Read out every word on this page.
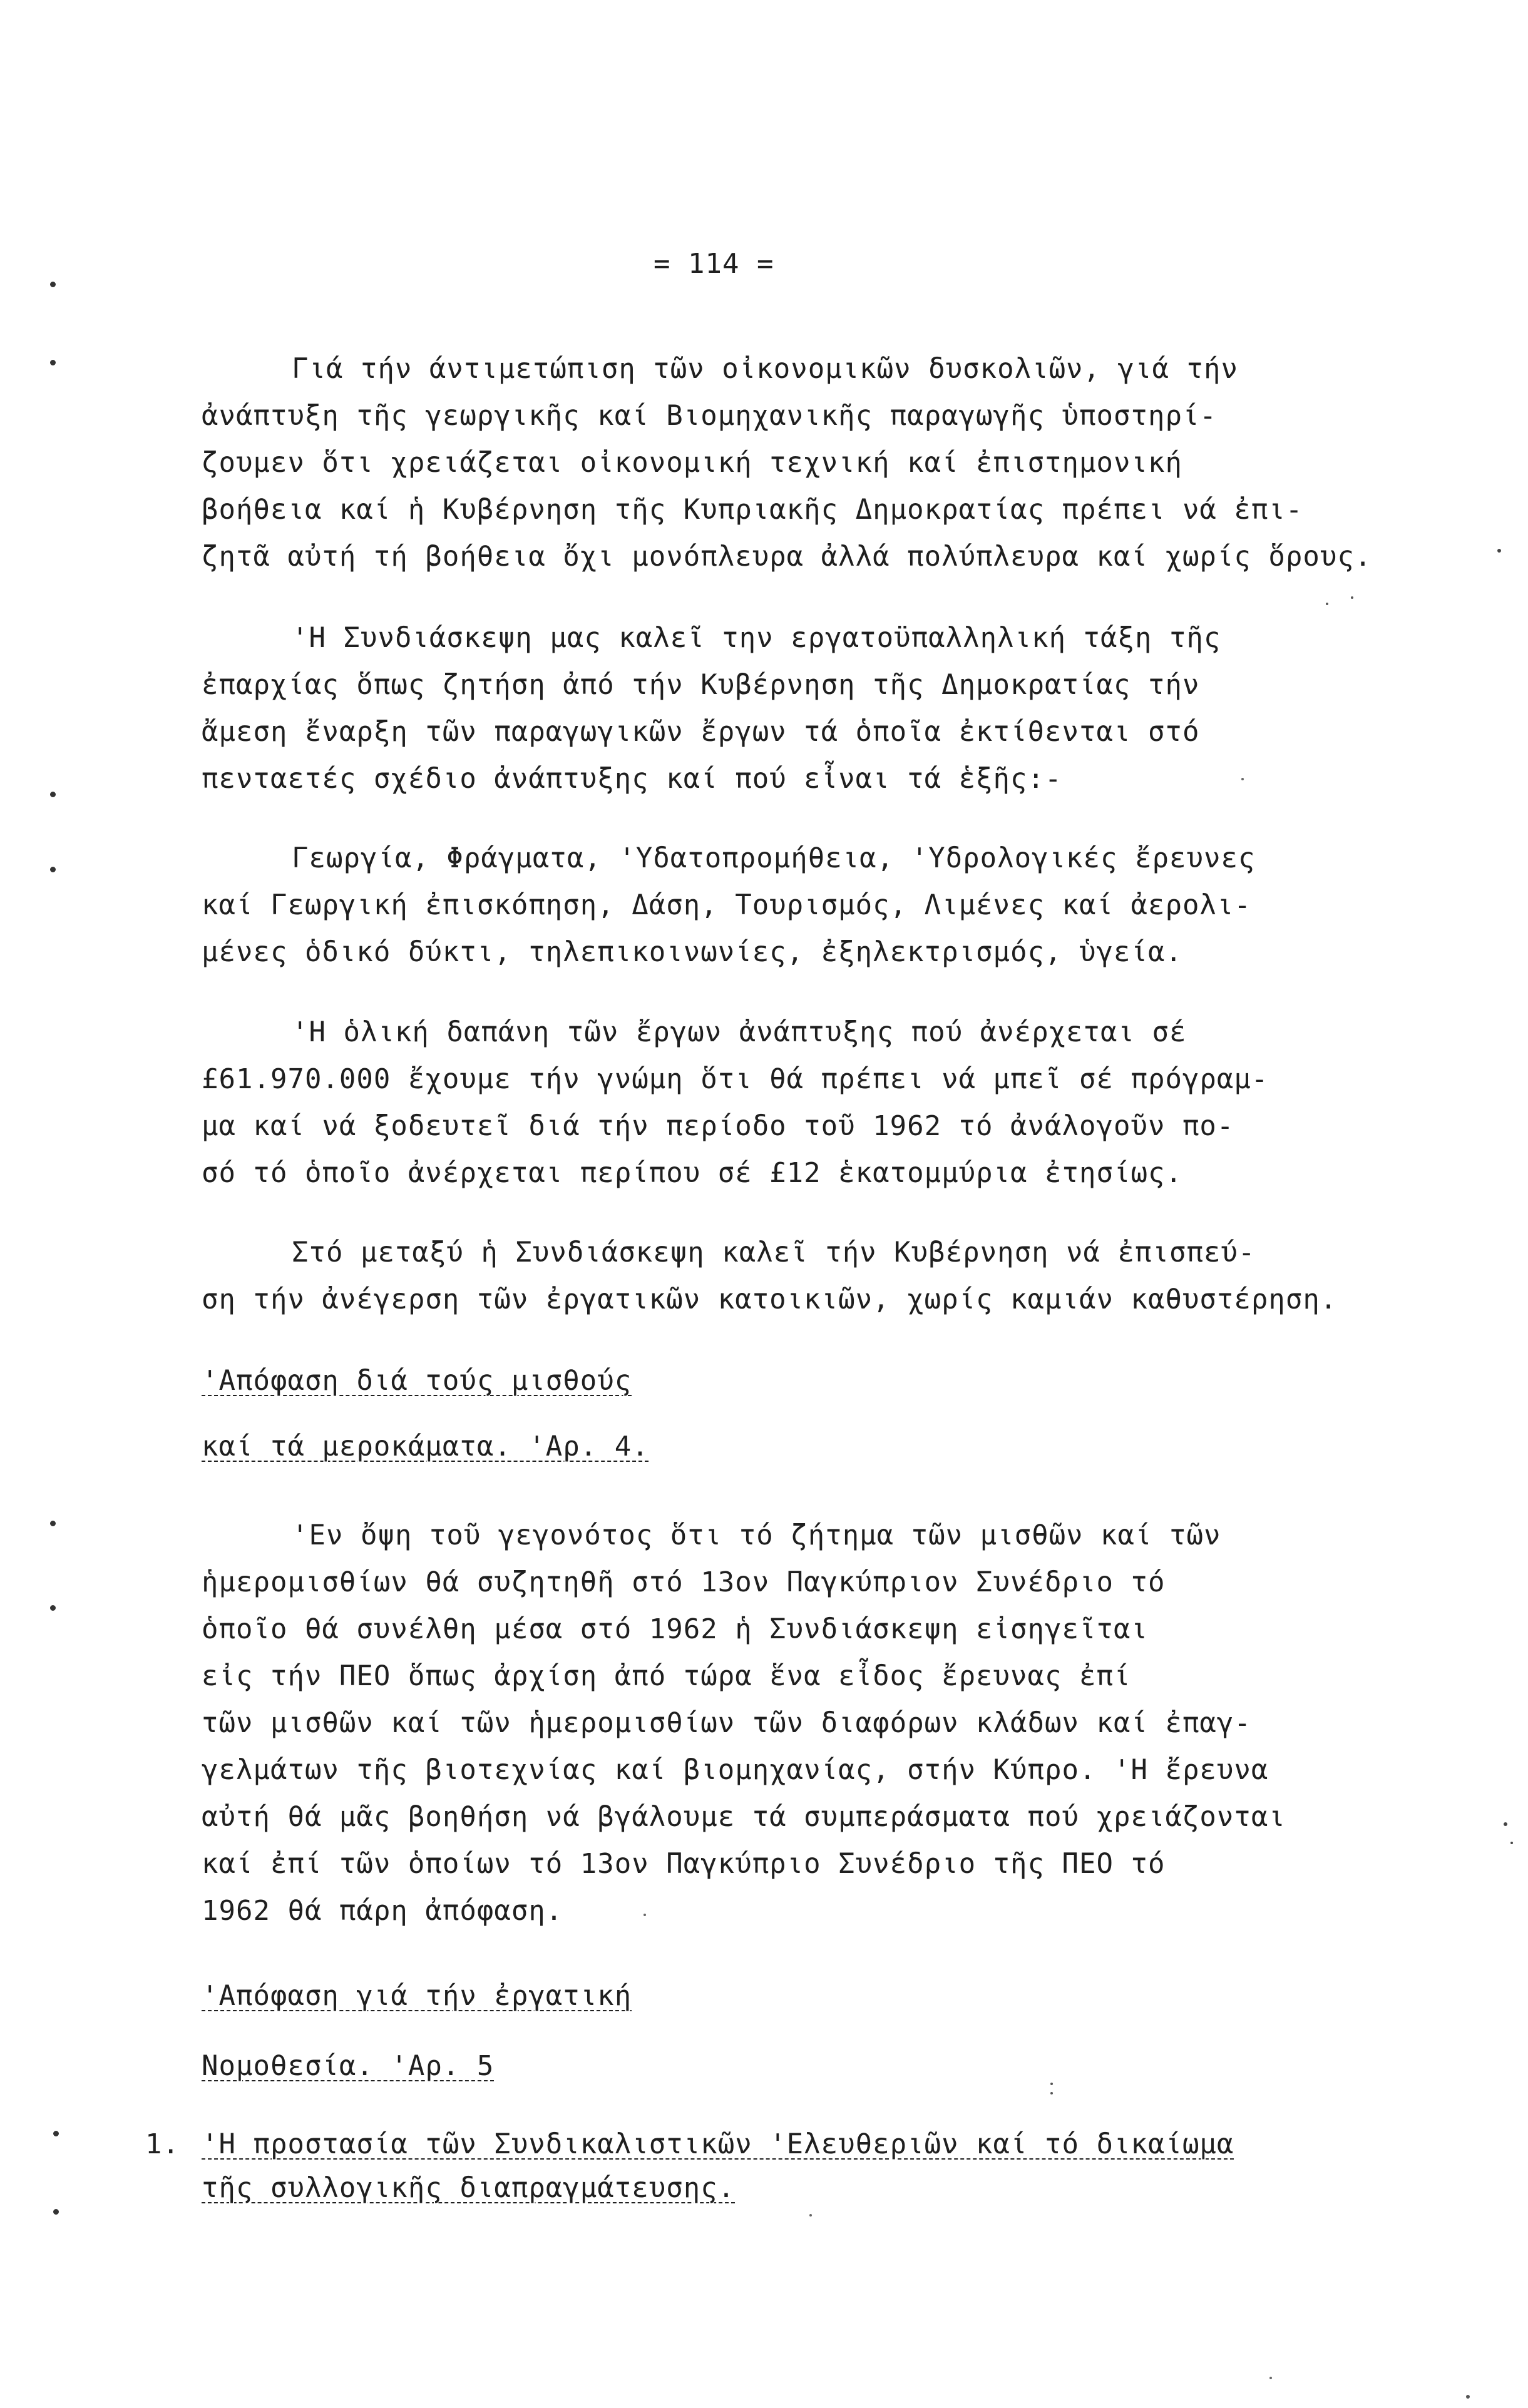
= 114 =
Γιά τήν άντιμετώπιση τῶν οἰκονομικῶν δυσκολιῶν, γιά τήν
ἀνάπτυξη τῆς γεωργικῆς καί Βιομηχανικῆς παραγωγῆς ὑποστηρί-
ζουμεν ὅτι χρειάζεται οἰκονομική τεχνική καί ἐπιστημονική
βοήθεια καί ἡ Κυβέρνηση τῆς Κυπριακῆς Δημοκρατίας πρέπει νά ἐπι-
ζητᾶ αὐτή τή βοήθεια ὄχι μονόπλευρα ἀλλά πολύπλευρα καί χωρίς ὅρους.
'Η Συνδιάσκεψη μας καλεῖ την εργατοϋπαλληλική τάξη τῆς
ἐπαρχίας ὅπως ζητήση ἀπό τήν Κυβέρνηση τῆς Δημοκρατίας τήν
ἄμεση ἔναρξη τῶν παραγωγικῶν ἔργων τά ὁποῖα ἐκτίθενται στό
πενταετές σχέδιο ἀνάπτυξης καί πού εἶναι τά ἑξῆς:-
Γεωργία, Φράγματα, 'Υδατοπρομήθεια, 'Υδρολογικές ἔρευνες
καί Γεωργική ἐπισκόπηση, Δάση, Τουρισμός, Λιμένες καί ἀερολι-
μένες ὁδικό δύκτι, τηλεπικοινωνίες, ἐξηλεκτρισμός, ὑγεία.
'Η ὁλική δαπάνη τῶν ἔργων ἀνάπτυξης πού ἀνέρχεται σέ
£61.970.000 ἔχουμε τήν γνώμη ὅτι θά πρέπει νά μπεῖ σέ πρόγραμ-
μα καί νά ξοδευτεῖ διά τήν περίοδο τοῦ 1962 τό ἀνάλογοῦν πο-
σό τό ὁποῖο ἀνέρχεται περίπου σέ £12 ἑκατομμύρια ἐτησίως.
Στό μεταξύ ἡ Συνδιάσκεψη καλεῖ τήν Κυβέρνηση νά ἐπισπεύ-
ση τήν ἀνέγερση τῶν ἐργατικῶν κατοικιῶν, χωρίς καμιάν καθυστέρηση.
'Απόφαση διά τούς μισθούς
καί τά μεροκάματα. 'Αρ. 4.
'Εν ὄψη τοῦ γεγονότος ὅτι τό ζήτημα τῶν μισθῶν καί τῶν
ἡμερομισθίων θά συζητηθῆ στό 13ον Παγκύπριον Συνέδριο τό
ὁποῖο θά συνέλθη μέσα στό 1962 ἡ Συνδιάσκεψη εἰσηγεῖται
εἰς τήν ΠΕΟ ὅπως ἀρχίση ἀπό τώρα ἕνα εἶδος ἔρευνας ἐπί
τῶν μισθῶν καί τῶν ἡμερομισθίων τῶν διαφόρων κλάδων καί ἐπαγ-
γελμάτων τῆς βιοτεχνίας καί βιομηχανίας, στήν Κύπρο. 'Η ἔρευνα
αὐτή θά μᾶς βοηθήση νά βγάλουμε τά συμπεράσματα πού χρειάζονται
καί ἐπί τῶν ὁποίων τό 13ον Παγκύπριο Συνέδριο τῆς ΠΕΟ τό
1962 θά πάρη ἀπόφαση.
'Απόφαση γιά τήν ἐργατική
Νομοθεσία. 'Αρ. 5
1. 'Η προστασία τῶν Συνδικαλιστικῶν 'Ελευθεριῶν καί τό δικαίωμα
τῆς συλλογικῆς διαπραγμάτευσης.
